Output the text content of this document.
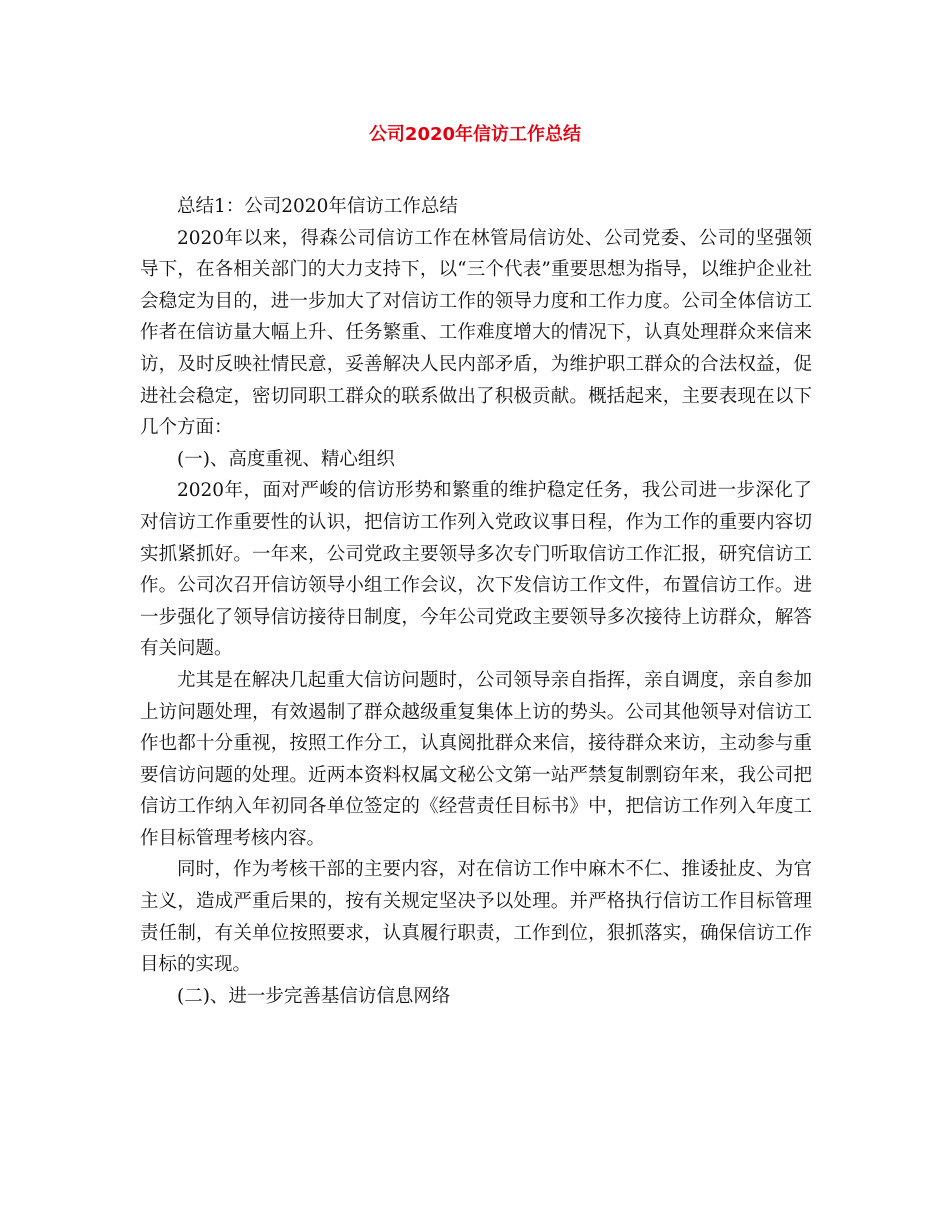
公司2020年信访工作总结

总结1：公司2020年信访工作总结

2020年以来，得森公司信访工作在林管局信访处、公司党委、公司的坚强领导下，在各相关部门的大力支持下，以“三个代表”重要思想为指导，以维护企业社会稳定为目的，进一步加大了对信访工作的领导力度和工作力度。公司全体信访工作者在信访量大幅上升、任务繁重、工作难度增大的情况下，认真处理群众来信来访，及时反映社情民意，妥善解决人民内部矛盾，为维护职工群众的合法权益，促进社会稳定，密切同职工群众的联系做出了积极贡献。概括起来，主要表现在以下几个方面：

(一)、高度重视、精心组织

2020年，面对严峻的信访形势和繁重的维护稳定任务，我公司进一步深化了对信访工作重要性的认识，把信访工作列入党政议事日程，作为工作的重要内容切实抓紧抓好。一年来，公司党政主要领导多次专门听取信访工作汇报，研究信访工作。公司次召开信访领导小组工作会议，次下发信访工作文件，布置信访工作。进一步强化了领导信访接待日制度，今年公司党政主要领导多次接待上访群众，解答有关问题。

尤其是在解决几起重大信访问题时，公司领导亲自指挥，亲自调度，亲自参加上访问题处理，有效遏制了群众越级重复集体上访的势头。公司其他领导对信访工作也都十分重视，按照工作分工，认真阅批群众来信，接待群众来访，主动参与重要信访问题的处理。近两本资料权属文秘公文第一站严禁复制剽窃年来，我公司把信访工作纳入年初同各单位签定的《经营责任目标书》中，把信访工作列入年度工作目标管理考核内容。

同时，作为考核干部的主要内容，对在信访工作中麻木不仁、推诿扯皮、为官主义，造成严重后果的，按有关规定坚决予以处理。并严格执行信访工作目标管理责任制，有关单位按照要求，认真履行职责，工作到位，狠抓落实，确保信访工作目标的实现。

(二)、进一步完善基信访信息网络
